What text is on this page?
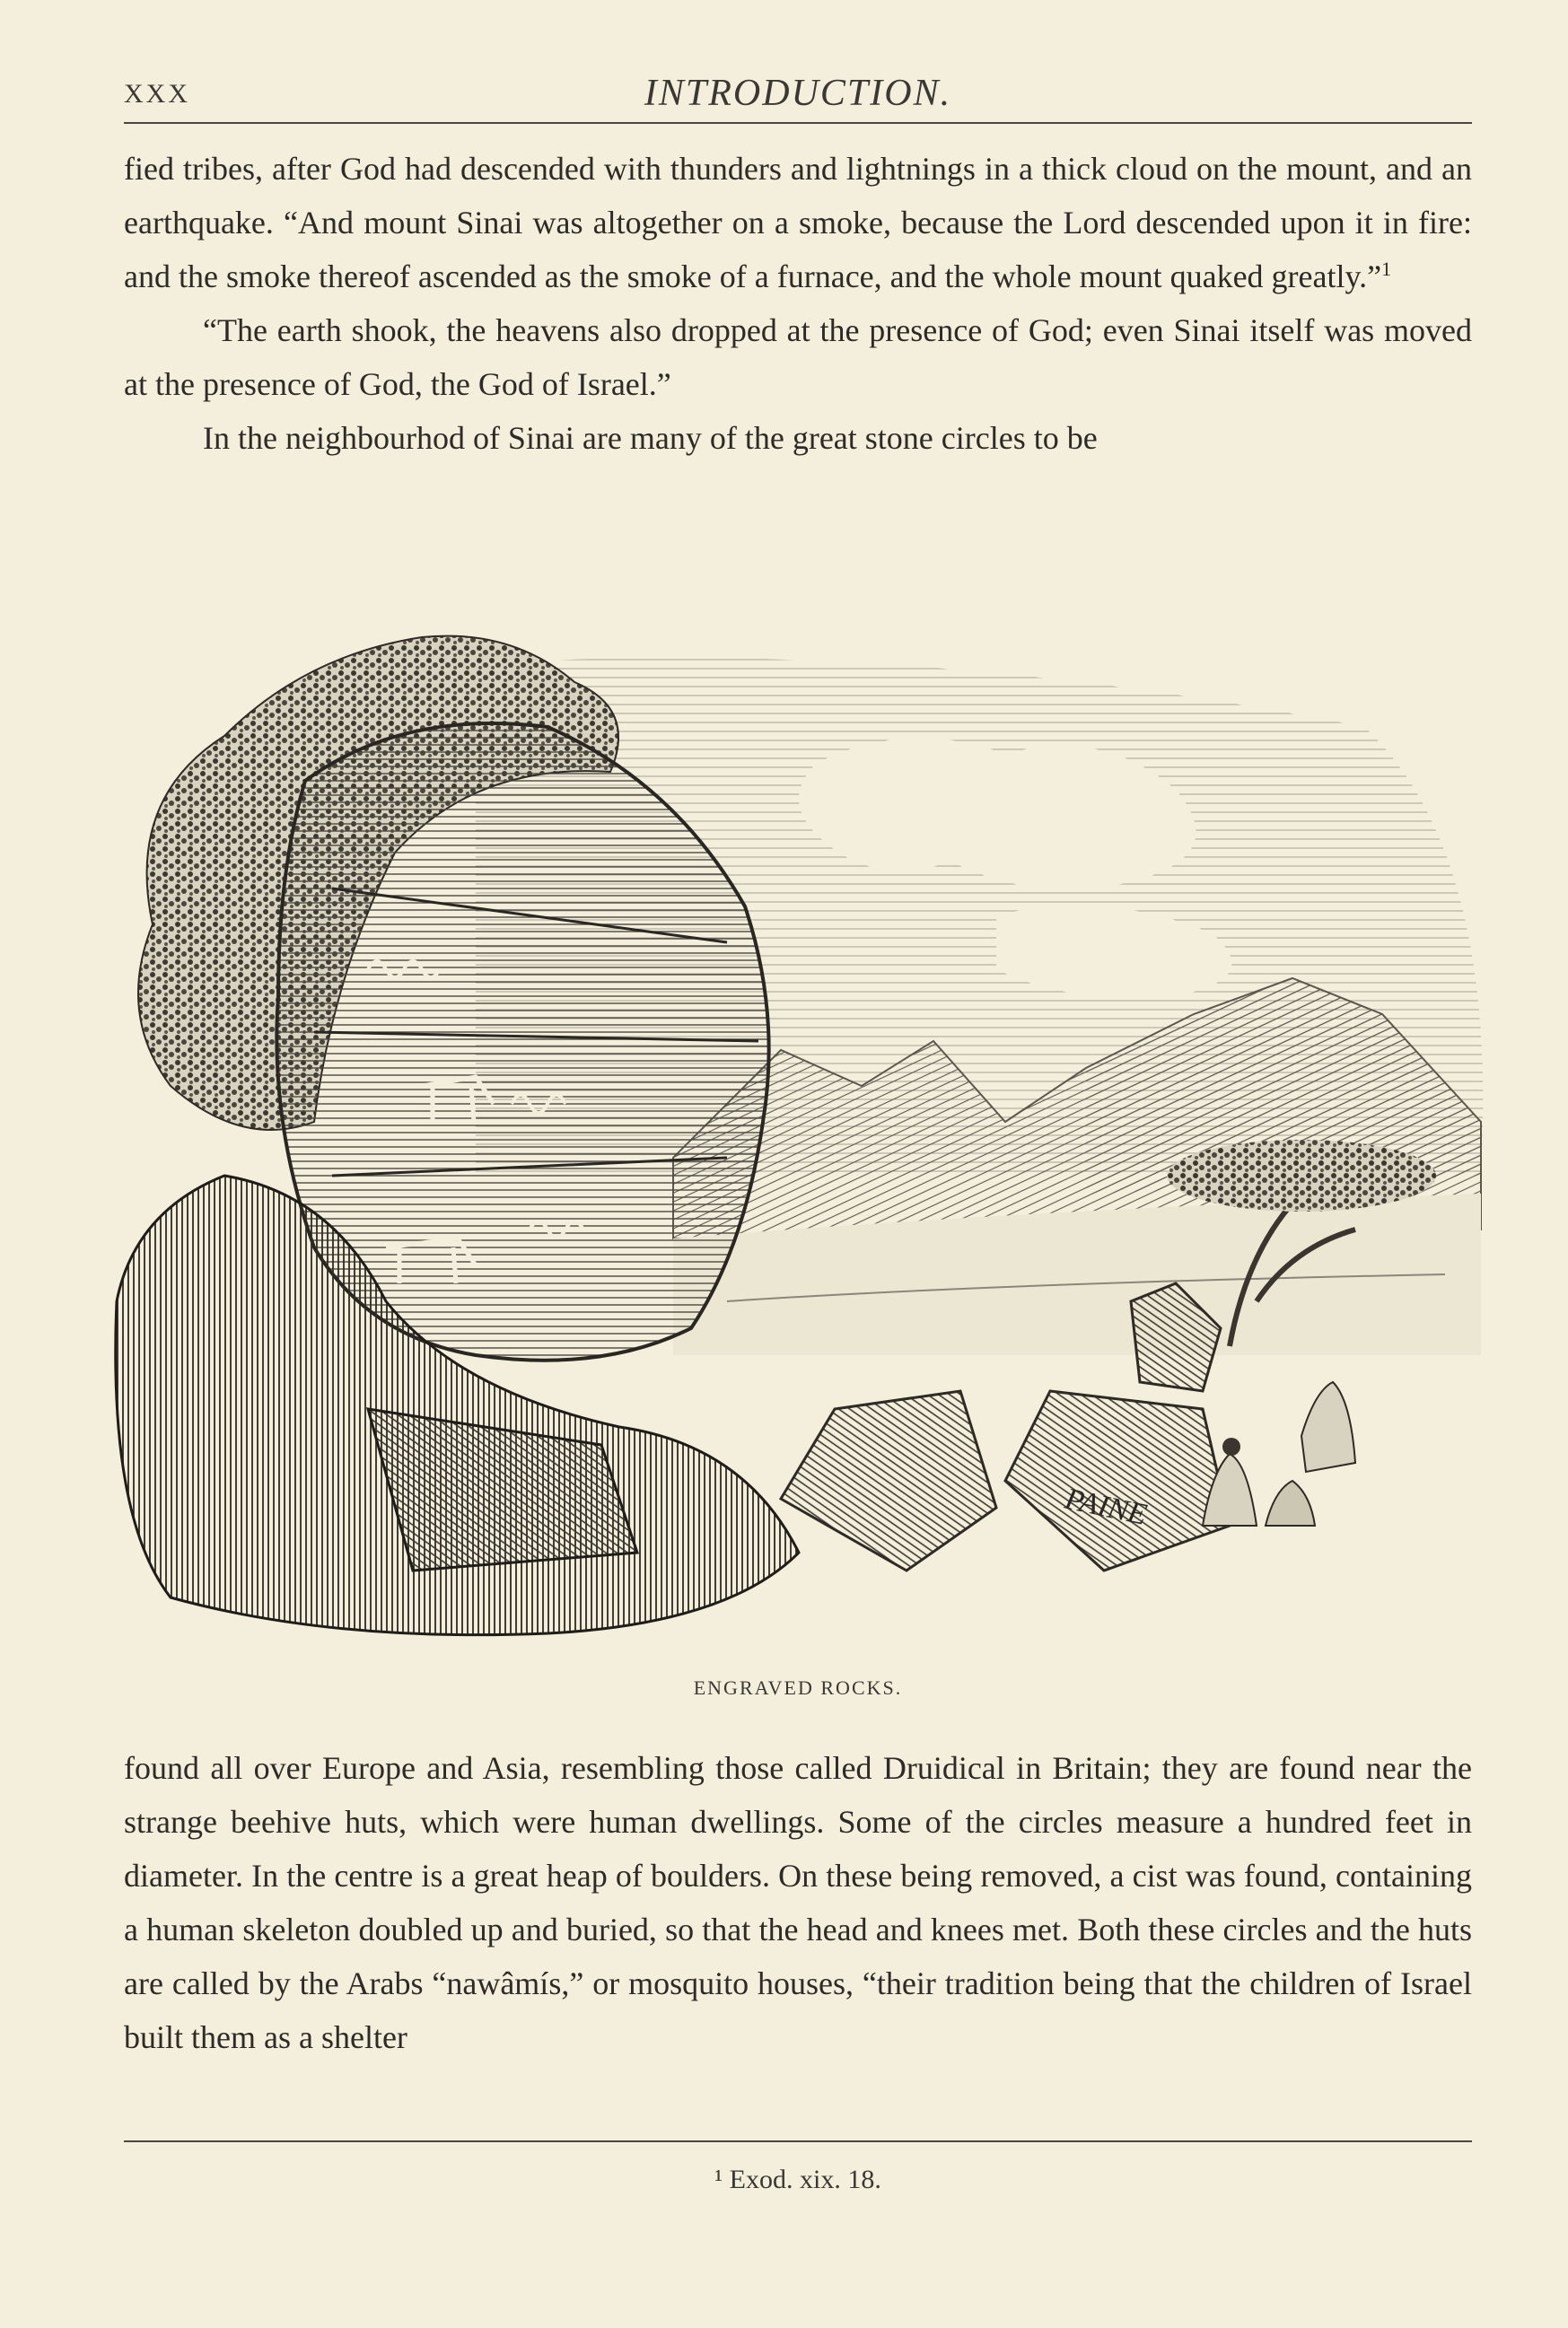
XXX	INTRODUCTION.

fied tribes, after God had descended with thunders and lightnings in a thick cloud on the mount, and an earthquake. “And mount Sinai was altogether on a smoke, because the Lord descended upon it in fire: and the smoke thereof ascended as the smoke of a furnace, and the whole mount quaked greatly.”$^1$

“The earth shook, the heavens also dropped at the presence of God; even Sinai itself was moved at the presence of God, the God of Israel.”

In the neighbourhod of Sinai are many of the great stone circles to be

PAINE
ENGRAVED ROCKS.

found all over Europe and Asia, resembling those called Druidical in Britain; they are found near the strange beehive huts, which were human dwellings. Some of the circles measure a hundred feet in diameter. In the centre is a great heap of boulders. On these being removed, a cist was found, containing a human skeleton doubled up and buried, so that the head and knees met. Both these circles and the huts are called by the Arabs “nawâmís,” or mosquito houses, “their tradition being that the children of Israel built them as a shelter

¹ Exod. xix. 18.
